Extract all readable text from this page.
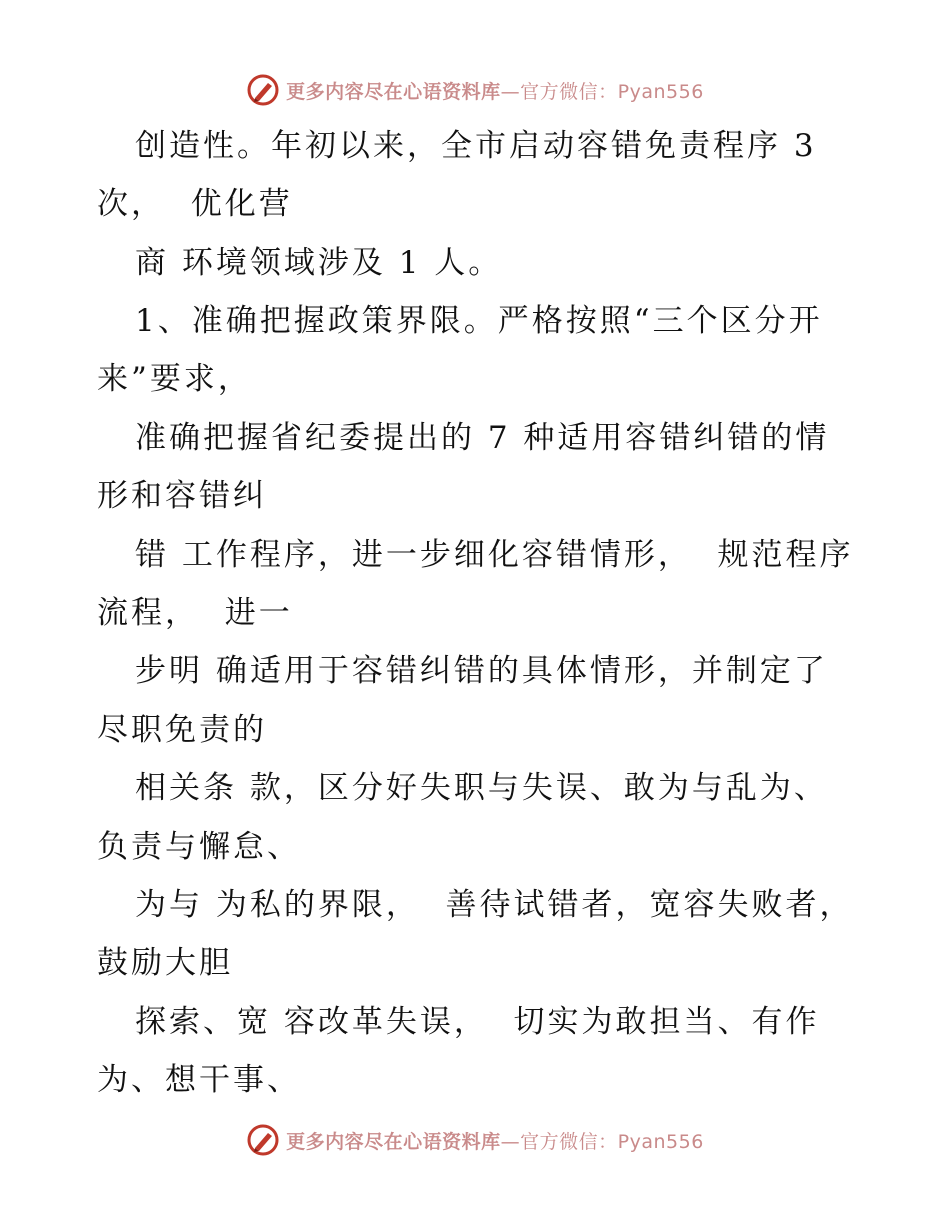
更多内容尽在心语资料库—官方微信：Pyan556
创造性。年初以来，全市启动容错免责程序 3
次，  优化营
商 环境领域涉及 1 人。
1、准确把握政策界限。严格按照“三个区分开
来”要求，
准确把握省纪委提出的 7 种适用容错纠错的情
形和容错纠
错 工作程序，进一步细化容错情形，  规范程序
流程，  进一
步明 确适用于容错纠错的具体情形，并制定了
尽职免责的
相关条 款，区分好失职与失误、敢为与乱为、
负责与懈怠、
为与 为私的界限，  善待试错者，宽容失败者，
鼓励大胆
探索、宽 容改革失误，  切实为敢担当、有作
为、想干事、
更多内容尽在心语资料库—官方微信：Pyan556
